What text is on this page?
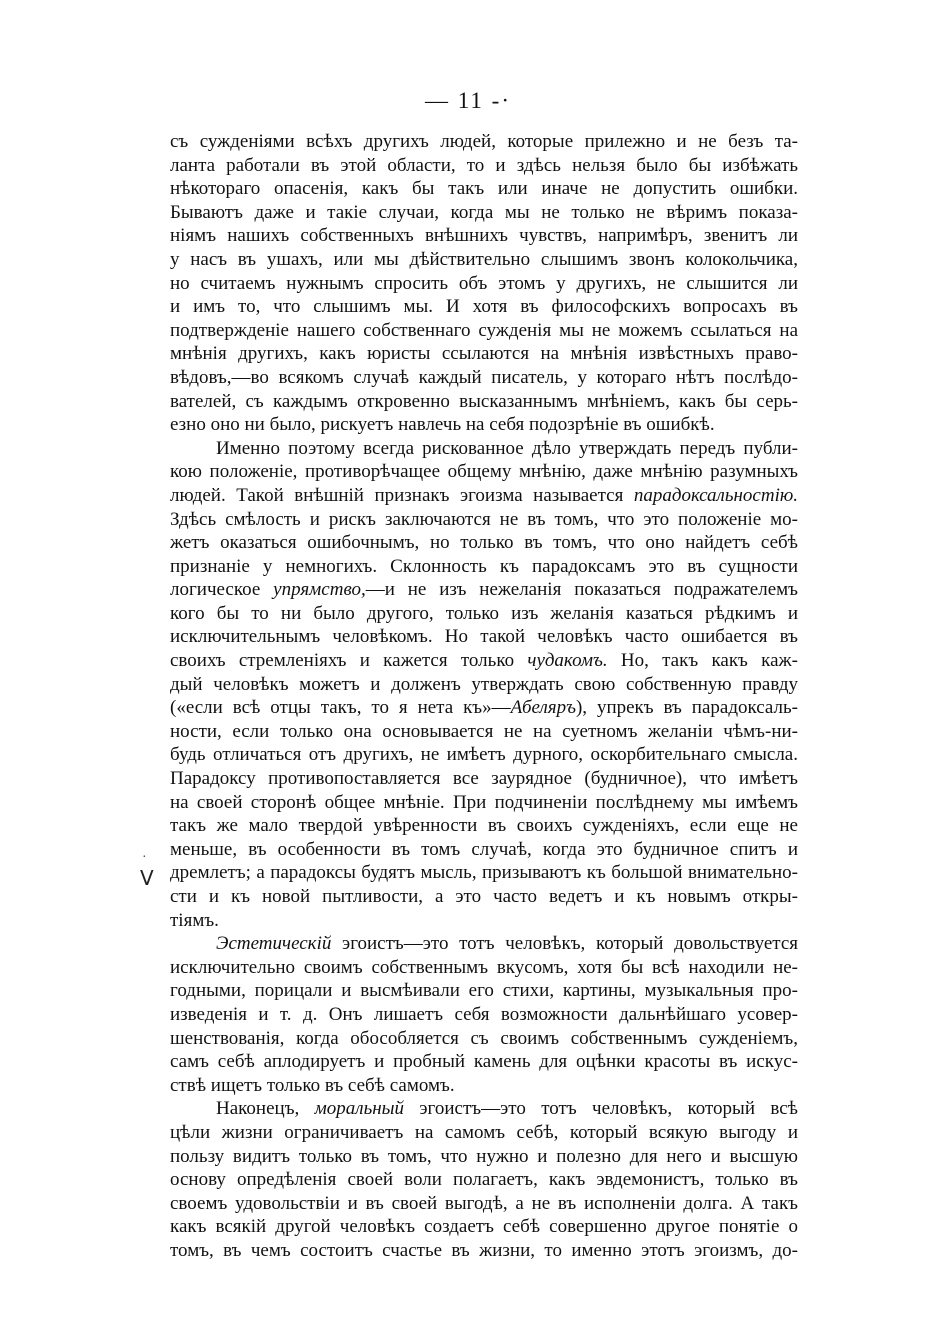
— 11 -·
·
V
съ сужденіями всѣхъ другихъ людей, которые прилежно и не безъ та-
ланта работали въ этой области, то и здѣсь нельзя было бы избѣжать
нѣкотораго опасенія, какъ бы такъ или иначе не допустить ошибки.
Бываютъ даже и такіе случаи, когда мы не только не вѣримъ показа-
ніямъ нашихъ собственныхъ внѣшнихъ чувствъ, напримѣръ, звенитъ ли
у насъ въ ушахъ, или мы дѣйствительно слышимъ звонъ колокольчика,
но считаемъ нужнымъ спросить объ этомъ у другихъ, не слышится ли
и имъ то, что слышимъ мы. И хотя въ философскихъ вопросахъ въ
подтвержденіе нашего собственнаго сужденія мы не можемъ ссылаться на
мнѣнія другихъ, какъ юристы ссылаются на мнѣнія извѣстныхъ право-
вѣдовъ,—во всякомъ случаѣ каждый писатель, у котораго нѣтъ послѣдо-
вателей, съ каждымъ откровенно высказаннымъ мнѣніемъ, какъ бы серь-
езно оно ни было, рискуетъ навлечь на себя подозрѣніе въ ошибкѣ.
Именно поэтому всегда рискованное дѣло утверждать передъ публи-
кою положеніе, противорѣчащее общему мнѣнію, даже мнѣнію разумныхъ
людей. Такой внѣшній признакъ эгоизма называется парадоксальностію.
Здѣсь смѣлость и рискъ заключаются не въ томъ, что это положеніе мо-
жетъ оказаться ошибочнымъ, но только въ томъ, что оно найдетъ себѣ
признаніе у немногихъ. Склонность къ парадоксамъ это въ сущности
логическое упрямство,—и не изъ нежеланія показаться подражателемъ
кого бы то ни было другого, только изъ желанія казаться рѣдкимъ и
исключительнымъ человѣкомъ. Но такой человѣкъ часто ошибается въ
своихъ стремленіяхъ и кажется только чудакомъ. Но, такъ какъ каж-
дый человѣкъ можетъ и долженъ утверждать свою собственную правду
(«если всѣ отцы такъ, то я нета къ»—Абеляръ), упрекъ въ парадоксаль-
ности, если только она основывается не на суетномъ желаніи чѣмъ-ни-
будь отличаться отъ другихъ, не имѣетъ дурного, оскорбительнаго смысла.
Парадоксу противопоставляется все заурядное (будничное), что имѣетъ
на своей сторонѣ общее мнѣніе. При подчиненіи послѣднему мы имѣемъ
такъ же мало твердой увѣренности въ своихъ сужденіяхъ, если еще не
меньше, въ особенности въ томъ случаѣ, когда это будничное спитъ и
дремлетъ; а парадоксы будятъ мысль, призываютъ къ большой внимательно-
сти и къ новой пытливости, а это часто ведетъ и къ новымъ откры-
тіямъ.
Эстетическій эгоистъ—это тотъ человѣкъ, который довольствуется
исключительно своимъ собственнымъ вкусомъ, хотя бы всѣ находили не-
годными, порицали и высмѣивали его стихи, картины, музыкальныя про-
изведенія и т. д. Онъ лишаетъ себя возможности дальнѣйшаго усовер-
шенствованія, когда обособляется съ своимъ собственнымъ сужденіемъ,
самъ себѣ аплодируетъ и пробный камень для оцѣнки красоты въ искус-
ствѣ ищетъ только въ себѣ самомъ.
Наконецъ, моральный эгоистъ—это тотъ человѣкъ, который всѣ
цѣли жизни ограничиваетъ на самомъ себѣ, который всякую выгоду и
пользу видитъ только въ томъ, что нужно и полезно для него и высшую
основу опредѣленія своей воли полагаетъ, какъ эвдемонистъ, только въ
своемъ удовольствіи и въ своей выгодѣ, а не въ исполненіи долга. А такъ
какъ всякій другой человѣкъ создаетъ себѣ совершенно другое понятіе о
томъ, въ чемъ состоитъ счастье въ жизни, то именно этотъ эгоизмъ, до-
